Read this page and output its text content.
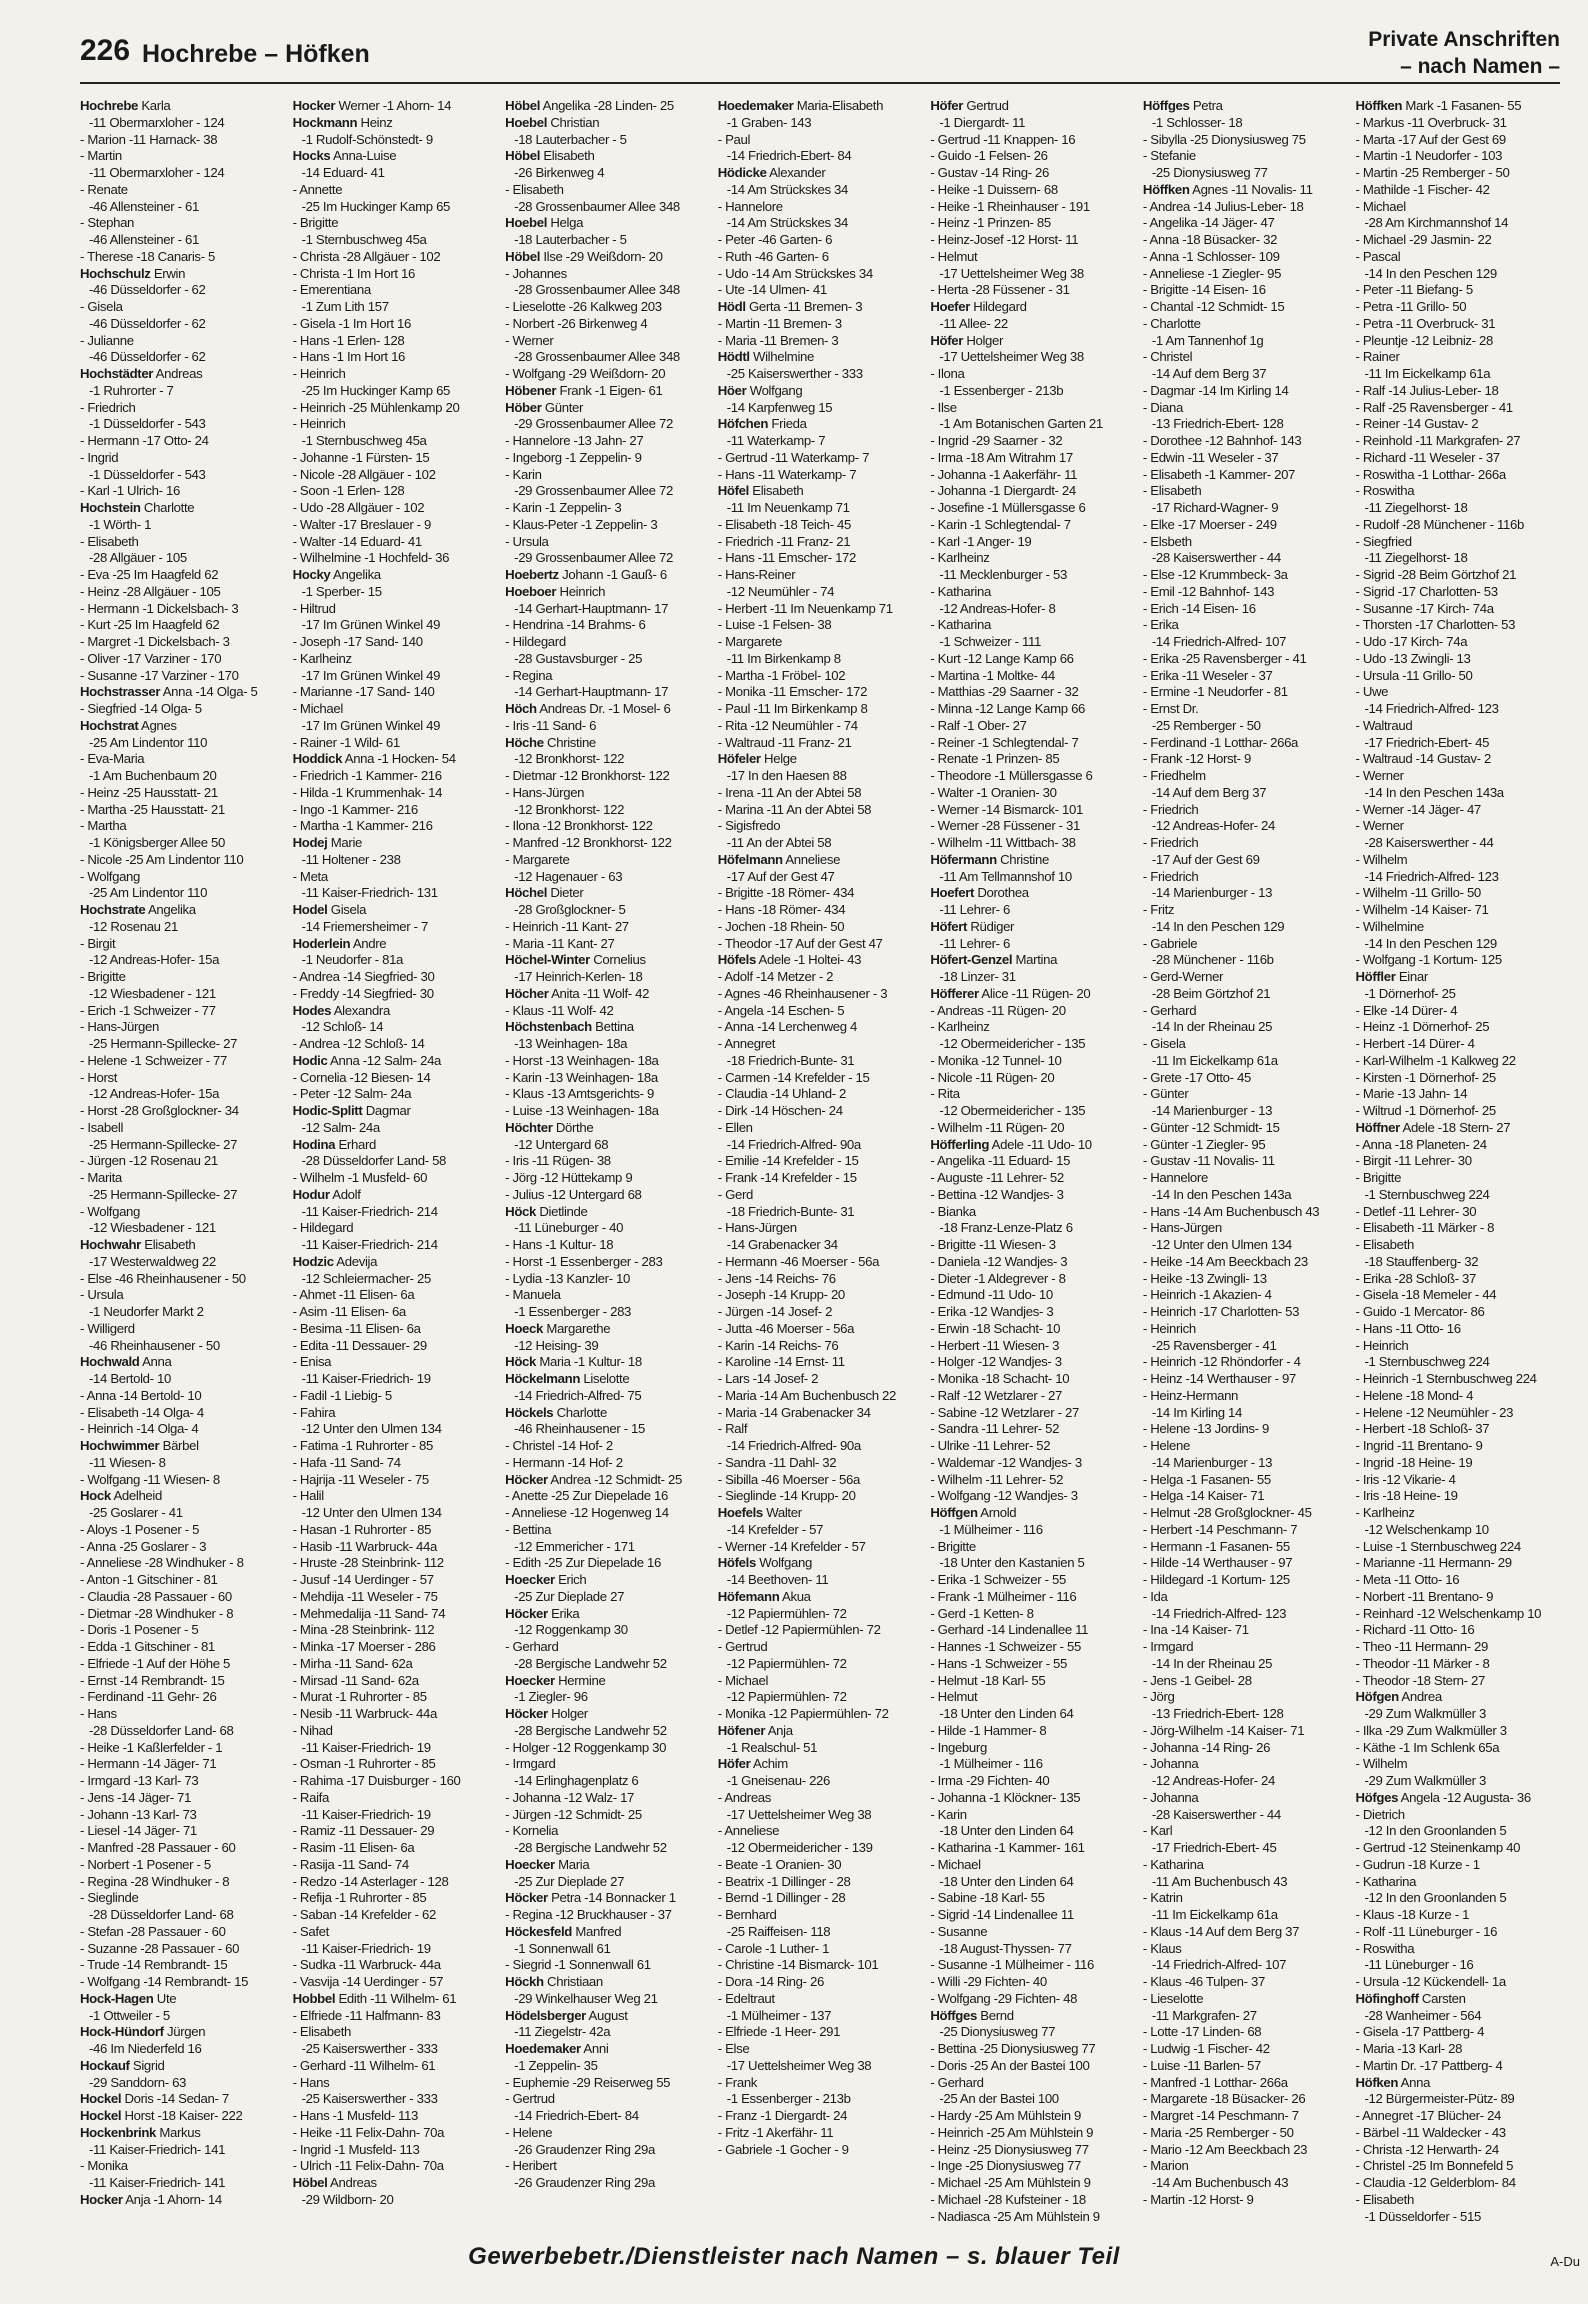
226 Hochrebe – Höfken
Private Anschriften
– nach Namen –
Hochrebe Karla
-11 Obermarxloher - 124
- Marion -11 Harnack- 38
- Martin
-11 Obermarxloher - 124
- Renate
-46 Allensteiner - 61
- Stephan
-46 Allensteiner - 61
- Therese -18 Canaris- 5
Hochschulz Erwin
-46 Düsseldorfer - 62
- Gisela
-46 Düsseldorfer - 62
- Julianne
-46 Düsseldorfer - 62
Hochstädter Andreas
-1 Ruhrorter - 7
- Friedrich
-1 Düsseldorfer - 543
- Hermann -17 Otto- 24
- Ingrid
-1 Düsseldorfer - 543
- Karl -1 Ulrich- 16
Hochstein Charlotte
-1 Wörth- 1
- Elisabeth
-28 Allgäuer - 105
- Eva -25 Im Haagfeld 62
- Heinz -28 Allgäuer - 105
- Hermann -1 Dickelsbach- 3
- Kurt -25 Im Haagfeld 62
- Margret -1 Dickelsbach- 3
- Oliver -17 Varziner - 170
- Susanne -17 Varziner - 170
Hochstrasser Anna -14 Olga- 5
- Siegfried -14 Olga- 5
Hochstrat Agnes
-25 Am Lindentor 110
- Eva-Maria
-1 Am Buchenbaum 20
- Heinz -25 Hausstatt- 21
- Martha -25 Hausstatt- 21
- Martha
-1 Königsberger Allee 50
- Nicole -25 Am Lindentor 110
- Wolfgang
-25 Am Lindentor 110
Hochstrate Angelika
-12 Rosenau 21
- Birgit
-12 Andreas-Hofer- 15a
- Brigitte
-12 Wiesbadener - 121
- Erich -1 Schweizer - 77
- Hans-Jürgen
-25 Hermann-Spillecke- 27
- Helene -1 Schweizer - 77
- Horst
-12 Andreas-Hofer- 15a
- Horst -28 Großglockner- 34
- Isabell
-25 Hermann-Spillecke- 27
- Jürgen -12 Rosenau 21
- Marita
-25 Hermann-Spillecke- 27
- Wolfgang
-12 Wiesbadener - 121
Hochwahr Elisabeth
-17 Westerwaldweg 22
- Else -46 Rheinhausener - 50
- Ursula
-1 Neudorfer Markt 2
- Willigerd
-46 Rheinhausener - 50
Hochwald Anna
-14 Bertold- 10
- Anna -14 Bertold- 10
- Elisabeth -14 Olga- 4
- Heinrich -14 Olga- 4
Hochwimmer Bärbel
-11 Wiesen- 8
- Wolfgang -11 Wiesen- 8
Hock Adelheid
-25 Goslarer - 41
- Aloys -1 Posener - 5
- Anna -25 Goslarer - 3
- Anneliese -28 Windhuker - 8
- Anton -1 Gitschiner - 81
- Claudia -28 Passauer - 60
- Dietmar -28 Windhuker - 8
- Doris -1 Posener - 5
- Edda -1 Gitschiner - 81
- Elfriede -1 Auf der Höhe 5
- Ernst -14 Rembrandt- 15
- Ferdinand -11 Gehr- 26
- Hans
-28 Düsseldorfer Land- 68
- Heike -1 Kaßlerfelder - 1
- Hermann -14 Jäger- 71
- Irmgard -13 Karl- 73
- Jens -14 Jäger- 71
- Johann -13 Karl- 73
- Liesel -14 Jäger- 71
- Manfred -28 Passauer - 60
- Norbert -1 Posener - 5
- Regina -28 Windhuker - 8
- Sieglinde
-28 Düsseldorfer Land- 68
- Stefan -28 Passauer - 60
- Suzanne -28 Passauer - 60
- Trude -14 Rembrandt- 15
- Wolfgang -14 Rembrandt- 15
Hock-Hagen Ute
-1 Ottweiler - 5
Hock-Hündorf Jürgen
-46 Im Niederfeld 16
Hockauf Sigrid
-29 Sanddorn- 63
Hockel Doris -14 Sedan- 7
Hockel Horst -18 Kaiser- 222
Hockenbrink Markus
-11 Kaiser-Friedrich- 141
- Monika
-11 Kaiser-Friedrich- 141
Hocker Anja -1 Ahorn- 14
Hocker Werner -1 Ahorn- 14
Hockmann Heinz
-1 Rudolf-Schönstedt- 9
Hocks Anna-Luise
-14 Eduard- 41
- Annette
-25 Im Huckinger Kamp 65
- Brigitte
-1 Sternbuschweg 45a
- Christa -28 Allgäuer - 102
- Christa -1 Im Hort 16
- Emerentiana
-1 Zum Lith 157
- Gisela -1 Im Hort 16
- Hans -1 Erlen- 128
- Hans -1 Im Hort 16
- Heinrich
-25 Im Huckinger Kamp 65
- Heinrich -25 Mühlenkamp 20
- Heinrich
-1 Sternbuschweg 45a
- Johanne -1 Fürsten- 15
- Nicole -28 Allgäuer - 102
- Soon -1 Erlen- 128
- Udo -28 Allgäuer - 102
- Walter -17 Breslauer - 9
- Walter -14 Eduard- 41
- Wilhelmine -1 Hochfeld- 36
Hocky Angelika
-1 Sperber- 15
- Hiltrud
-17 Im Grünen Winkel 49
- Joseph -17 Sand- 140
- Karlheinz
-17 Im Grünen Winkel 49
- Marianne -17 Sand- 140
- Michael
-17 Im Grünen Winkel 49
- Rainer -1 Wild- 61
Hoddick Anna -1 Hocken- 54
- Friedrich -1 Kammer- 216
- Hilda -1 Krummenhak- 14
- Ingo -1 Kammer- 216
- Martha -1 Kammer- 216
Hodej Marie
-11 Holtener - 238
- Meta
-11 Kaiser-Friedrich- 131
Hodel Gisela
-14 Friemersheimer - 7
Hoderlein Andre
-1 Neudorfer - 81a
- Andrea -14 Siegfried- 30
- Freddy -14 Siegfried- 30
Hodes Alexandra
-12 Schloß- 14
- Andrea -12 Schloß- 14
Hodic Anna -12 Salm- 24a
- Cornelia -12 Biesen- 14
- Peter -12 Salm- 24a
Hodic-Splitt Dagmar
-12 Salm- 24a
Hodina Erhard
-28 Düsseldorfer Land- 58
- Wilhelm -1 Musfeld- 60
Hodur Adolf
-11 Kaiser-Friedrich- 214
- Hildegard
-11 Kaiser-Friedrich- 214
Hodzic Adevija
-12 Schleiermacher- 25
- Ahmet -11 Elisen- 6a
- Asim -11 Elisen- 6a
- Besima -11 Elisen- 6a
- Edita -11 Dessauer- 29
- Enisa
-11 Kaiser-Friedrich- 19
- Fadil -1 Liebig- 5
- Fahira
-12 Unter den Ulmen 134
- Fatima -1 Ruhrorter - 85
- Hafa -11 Sand- 74
- Hajrija -11 Weseler - 75
- Halil
-12 Unter den Ulmen 134
- Hasan -1 Ruhrorter - 85
- Hasib -11 Warbruck- 44a
- Hruste -28 Steinbrink- 112
- Jusuf -14 Uerdinger - 57
- Mehdija -11 Weseler - 75
- Mehmedalija -11 Sand- 74
- Mina -28 Steinbrink- 112
- Minka -17 Moerser - 286
- Mirha -11 Sand- 62a
- Mirsad -11 Sand- 62a
- Murat -1 Ruhrorter - 85
- Nesib -11 Warbruck- 44a
- Nihad
-11 Kaiser-Friedrich- 19
- Osman -1 Ruhrorter - 85
- Rahima -17 Duisburger - 160
- Raifa
-11 Kaiser-Friedrich- 19
- Ramiz -11 Dessauer- 29
- Rasim -11 Elisen- 6a
- Rasija -11 Sand- 74
- Redzo -14 Asterlager - 128
- Refija -1 Ruhrorter - 85
- Saban -14 Krefelder - 62
- Safet
-11 Kaiser-Friedrich- 19
- Sudka -11 Warbruck- 44a
- Vasvija -14 Uerdinger - 57
Hobbel Edith -11 Wilhelm- 61
- Elfriede -11 Halfmann- 83
- Elisabeth
-25 Kaiserswerther - 333
- Gerhard -11 Wilhelm- 61
- Hans
-25 Kaiserswerther - 333
- Hans -1 Musfeld- 113
- Heike -11 Felix-Dahn- 70a
- Ingrid -1 Musfeld- 113
- Ulrich -11 Felix-Dahn- 70a
Höbel Andreas
-29 Wildborn- 20
Höbel Angelika -28 Linden- 25
Hoebel Christian
-18 Lauterbacher - 5
Höbel Elisabeth
-26 Birkenweg 4
- Elisabeth
-28 Grossenbaumer Allee 348
Hoebel Helga
-18 Lauterbacher - 5
Höbel Ilse -29 Weißdorn- 20
- Johannes
-28 Grossenbaumer Allee 348
- Lieselotte -26 Kalkweg 203
- Norbert -26 Birkenweg 4
- Werner
-28 Grossenbaumer Allee 348
- Wolfgang -29 Weißdorn- 20
Höbener Frank -1 Eigen- 61
Höber Günter
-29 Grossenbaumer Allee 72
- Hannelore -13 Jahn- 27
- Ingeborg -1 Zeppelin- 9
- Karin
-29 Grossenbaumer Allee 72
- Karin -1 Zeppelin- 3
- Klaus-Peter -1 Zeppelin- 3
- Ursula
-29 Grossenbaumer Allee 72
Hoebertz Johann -1 Gauß- 6
Hoeboer Heinrich
-14 Gerhart-Hauptmann- 17
- Hendrina -14 Brahms- 6
- Hildegard
-28 Gustavsburger - 25
- Regina
-14 Gerhart-Hauptmann- 17
Höch Andreas Dr. -1 Mosel- 6
- Iris -11 Sand- 6
Höche Christine
-12 Bronkhorst- 122
- Dietmar -12 Bronkhorst- 122
- Hans-Jürgen
-12 Bronkhorst- 122
- Ilona -12 Bronkhorst- 122
- Manfred -12 Bronkhorst- 122
- Margarete
-12 Hagenauer - 63
Höchel Dieter
-28 Großglockner- 5
- Heinrich -11 Kant- 27
- Maria -11 Kant- 27
Höchel-Winter Cornelius
-17 Heinrich-Kerlen- 18
Höcher Anita -11 Wolf- 42
- Klaus -11 Wolf- 42
Höchstenbach Bettina
-13 Weinhagen- 18a
- Horst -13 Weinhagen- 18a
- Karin -13 Weinhagen- 18a
- Klaus -13 Amtsgerichts- 9
- Luise -13 Weinhagen- 18a
Höchter Dörthe
-12 Untergard 68
- Iris -11 Rügen- 38
- Jörg -12 Hüttekamp 9
- Julius -12 Untergard 68
Höck Dietlinde
-11 Lüneburger - 40
- Hans -1 Kultur- 18
- Horst -1 Essenberger - 283
- Lydia -13 Kanzler- 10
- Manuela
-1 Essenberger - 283
Hoeck Margarethe
-12 Heising- 39
Höck Maria -1 Kultur- 18
Höckelmann Liselotte
-14 Friedrich-Alfred- 75
Höckels Charlotte
-46 Rheinhausener - 15
- Christel -14 Hof- 2
- Hermann -14 Hof- 2
Höcker Andrea -12 Schmidt- 25
- Anette -25 Zur Diepelade 16
- Anneliese -12 Hogenweg 14
- Bettina
-12 Emmericher - 171
- Edith -25 Zur Diepelade 16
Hoecker Erich
-25 Zur Dieplade 27
Höcker Erika
-12 Roggenkamp 30
- Gerhard
-28 Bergische Landwehr 52
Hoecker Hermine
-1 Ziegler- 96
Höcker Holger
-28 Bergische Landwehr 52
- Holger -12 Roggenkamp 30
- Irmgard
-14 Erlinghagenplatz 6
- Johanna -12 Walz- 17
- Jürgen -12 Schmidt- 25
- Kornelia
-28 Bergische Landwehr 52
Hoecker Maria
-25 Zur Dieplade 27
Höcker Petra -14 Bonnacker 1
- Regina -12 Bruckhauser - 37
Höckesfeld Manfred
-1 Sonnenwall 61
- Siegrid -1 Sonnenwall 61
Höckh Christiaan
-29 Winkelhauser Weg 21
Hödelsberger August
-11 Ziegelstr- 42a
Hoedemaker Anni
-1 Zeppelin- 35
- Euphemie -29 Reiserweg 55
- Gertrud
-14 Friedrich-Ebert- 84
- Helene
-26 Graudenzer Ring 29a
- Heribert
-26 Graudenzer Ring 29a
Hoedemaker Maria-Elisabeth
-1 Graben- 143
- Paul
-14 Friedrich-Ebert- 84
Hödicke Alexander
-14 Am Strückskes 34
- Hannelore
-14 Am Strückskes 34
- Peter -46 Garten- 6
- Ruth -46 Garten- 6
- Udo -14 Am Strückskes 34
- Ute -14 Ulmen- 41
Hödl Gerta -11 Bremen- 3
- Martin -11 Bremen- 3
- Maria -11 Bremen- 3
Hödtl Wilhelmine
-25 Kaiserswerther - 333
Höer Wolfgang
-14 Karpfenweg 15
Höfchen Frieda
-11 Waterkamp- 7
- Gertrud -11 Waterkamp- 7
- Hans -11 Waterkamp- 7
Höfel Elisabeth
-11 Im Neuenkamp 71
- Elisabeth -18 Teich- 45
- Friedrich -11 Franz- 21
- Hans -11 Emscher- 172
- Hans-Reiner
-12 Neumühler - 74
- Herbert -11 Im Neuenkamp 71
- Luise -1 Felsen- 38
- Margarete
-11 Im Birkenkamp 8
- Martha -1 Fröbel- 102
- Monika -11 Emscher- 172
- Paul -11 Im Birkenkamp 8
- Rita -12 Neumühler - 74
- Waltraud -11 Franz- 21
Höfeler Helge
-17 In den Haesen 88
- Irena -11 An der Abtei 58
- Marina -11 An der Abtei 58
- Sigisfredo
-11 An der Abtei 58
Höfelmann Anneliese
-17 Auf der Gest 47
- Brigitte -18 Römer- 434
- Hans -18 Römer- 434
- Jochen -18 Rhein- 50
- Theodor -17 Auf der Gest 47
Höfels Adele -1 Holtei- 43
- Adolf -14 Metzer - 2
- Agnes -46 Rheinhausener - 3
- Angela -14 Eschen- 5
- Anna -14 Lerchenweg 4
- Annegret
-18 Friedrich-Bunte- 31
- Carmen -14 Krefelder - 15
- Claudia -14 Uhland- 2
- Dirk -14 Höschen- 24
- Ellen
-14 Friedrich-Alfred- 90a
- Emilie -14 Krefelder - 15
- Frank -14 Krefelder - 15
- Gerd
-18 Friedrich-Bunte- 31
- Hans-Jürgen
-14 Grabenacker 34
- Hermann -46 Moerser - 56a
- Jens -14 Reichs- 76
- Joseph -14 Krupp- 20
- Jürgen -14 Josef- 2
- Jutta -46 Moerser - 56a
- Karin -14 Reichs- 76
- Karoline -14 Ernst- 11
- Lars -14 Josef- 2
- Maria -14 Am Buchenbusch 22
- Maria -14 Grabenacker 34
- Ralf
-14 Friedrich-Alfred- 90a
- Sandra -11 Dahl- 32
- Sibilla -46 Moerser - 56a
- Sieglinde -14 Krupp- 20
Hoefels Walter
-14 Krefelder - 57
- Werner -14 Krefelder - 57
Höfels Wolfgang
-14 Beethoven- 11
Höfemann Akua
-12 Papiermühlen- 72
- Detlef -12 Papiermühlen- 72
- Gertrud
-12 Papiermühlen- 72
- Michael
-12 Papiermühlen- 72
- Monika -12 Papiermühlen- 72
Höfener Anja
-1 Realschul- 51
Höfer Achim
-1 Gneisenau- 226
- Andreas
-17 Uettelsheimer Weg 38
- Anneliese
-12 Obermeidericher - 139
- Beate -1 Oranien- 30
- Beatrix -1 Dillinger - 28
- Bernd -1 Dillinger - 28
- Bernhard
-25 Raiffeisen- 118
- Carole -1 Luther- 1
- Christine -14 Bismarck- 101
- Dora -14 Ring- 26
- Edeltraut
-1 Mülheimer - 137
- Elfriede -1 Heer- 291
- Else
-17 Uettelsheimer Weg 38
- Frank
-1 Essenberger - 213b
- Franz -1 Diergardt- 24
- Fritz -1 Akerfähr- 11
- Gabriele -1 Gocher - 9
Höfer Gertrud
-1 Diergardt- 11
- Gertrud -11 Knappen- 16
- Guido -1 Felsen- 26
- Gustav -14 Ring- 26
- Heike -1 Duissern- 68
- Heike -1 Rheinhauser - 191
- Heinz -1 Prinzen- 85
- Heinz-Josef -12 Horst- 11
- Helmut
-17 Uettelsheimer Weg 38
- Herta -28 Füssener - 31
Hoefer Hildegard
-11 Allee- 22
Höfer Holger
-17 Uettelsheimer Weg 38
- Ilona
-1 Essenberger - 213b
- Ilse
-1 Am Botanischen Garten 21
- Ingrid -29 Saarner - 32
- Irma -18 Am Witrahm 17
- Johanna -1 Aakerfähr- 11
- Johanna -1 Diergardt- 24
- Josefine -1 Müllersgasse 6
- Karin -1 Schlegtendal- 7
- Karl -1 Anger- 19
- Karlheinz
-11 Mecklenburger - 53
- Katharina
-12 Andreas-Hofer- 8
- Katharina
-1 Schweizer - 111
- Kurt -12 Lange Kamp 66
- Martina -1 Moltke- 44
- Matthias -29 Saarner - 32
- Minna -12 Lange Kamp 66
- Ralf -1 Ober- 27
- Reiner -1 Schlegtendal- 7
- Renate -1 Prinzen- 85
- Theodore -1 Müllersgasse 6
- Walter -1 Oranien- 30
- Werner -14 Bismarck- 101
- Werner -28 Füssener - 31
- Wilhelm -11 Wittbach- 38
Höfermann Christine
-11 Am Tellmannshof 10
Hoefert Dorothea
-11 Lehrer- 6
Höfert Rüdiger
-11 Lehrer- 6
Höfert-Genzel Martina
-18 Linzer- 31
Höfferer Alice -11 Rügen- 20
- Andreas -11 Rügen- 20
- Karlheinz
-12 Obermeidericher - 135
- Monika -12 Tunnel- 10
- Nicole -11 Rügen- 20
- Rita
-12 Obermeidericher - 135
- Wilhelm -11 Rügen- 20
Höfferling Adele -11 Udo- 10
- Angelika -11 Eduard- 15
- Auguste -11 Lehrer- 52
- Bettina -12 Wandjes- 3
- Bianka
-18 Franz-Lenze-Platz 6
- Brigitte -11 Wiesen- 3
- Daniela -12 Wandjes- 3
- Dieter -1 Aldegrever - 8
- Edmund -11 Udo- 10
- Erika -12 Wandjes- 3
- Erwin -18 Schacht- 10
- Herbert -11 Wiesen- 3
- Holger -12 Wandjes- 3
- Monika -18 Schacht- 10
- Ralf -12 Wetzlarer - 27
- Sabine -12 Wetzlarer - 27
- Sandra -11 Lehrer- 52
- Ulrike -11 Lehrer- 52
- Waldemar -12 Wandjes- 3
- Wilhelm -11 Lehrer- 52
- Wolfgang -12 Wandjes- 3
Höffgen Arnold
-1 Mülheimer - 116
- Brigitte
-18 Unter den Kastanien 5
- Erika -1 Schweizer - 55
- Frank -1 Mülheimer - 116
- Gerd -1 Ketten- 8
- Gerhard -14 Lindenallee 11
- Hannes -1 Schweizer - 55
- Hans -1 Schweizer - 55
- Helmut -18 Karl- 55
- Helmut
-18 Unter den Linden 64
- Hilde -1 Hammer- 8
- Ingeburg
-1 Mülheimer - 116
- Irma -29 Fichten- 40
- Johanna -1 Klöckner- 135
- Karin
-18 Unter den Linden 64
- Katharina -1 Kammer- 161
- Michael
-18 Unter den Linden 64
- Sabine -18 Karl- 55
- Sigrid -14 Lindenallee 11
- Susanne
-18 August-Thyssen- 77
- Susanne -1 Mülheimer - 116
- Willi -29 Fichten- 40
- Wolfgang -29 Fichten- 48
Höffges Bernd
-25 Dionysiusweg 77
- Bettina -25 Dionysiusweg 77
- Doris -25 An der Bastei 100
- Gerhard
-25 An der Bastei 100
- Hardy -25 Am Mühlstein 9
- Heinrich -25 Am Mühlstein 9
- Heinz -25 Dionysiusweg 77
- Inge -25 Dionysiusweg 77
- Michael -25 Am Mühlstein 9
- Michael -28 Kufsteiner - 18
- Nadiasca -25 Am Mühlstein 9
Höffges Petra
-1 Schlosser- 18
- Sibylla -25 Dionysiusweg 75
- Stefanie
-25 Dionysiusweg 77
Höffken Agnes -11 Novalis- 11
- Andrea -14 Julius-Leber- 18
- Angelika -14 Jäger- 47
- Anna -18 Büsacker- 32
- Anna -1 Schlosser- 109
- Anneliese -1 Ziegler- 95
- Brigitte -14 Eisen- 16
- Chantal -12 Schmidt- 15
- Charlotte
-1 Am Tannenhof 1g
- Christel
-14 Auf dem Berg 37
- Dagmar -14 Im Kirling 14
- Diana
-13 Friedrich-Ebert- 128
- Dorothee -12 Bahnhof- 143
- Edwin -11 Weseler - 37
- Elisabeth -1 Kammer- 207
- Elisabeth
-17 Richard-Wagner- 9
- Elke -17 Moerser - 249
- Elsbeth
-28 Kaiserswerther - 44
- Else -12 Krummbeck- 3a
- Emil -12 Bahnhof- 143
- Erich -14 Eisen- 16
- Erika
-14 Friedrich-Alfred- 107
- Erika -25 Ravensberger - 41
- Erika -11 Weseler - 37
- Ermine -1 Neudorfer - 81
- Ernst Dr.
-25 Remberger - 50
- Ferdinand -1 Lotthar- 266a
- Frank -12 Horst- 9
- Friedhelm
-14 Auf dem Berg 37
- Friedrich
-12 Andreas-Hofer- 24
- Friedrich
-17 Auf der Gest 69
- Friedrich
-14 Marienburger - 13
- Fritz
-14 In den Peschen 129
- Gabriele
-28 Münchener - 116b
- Gerd-Werner
-28 Beim Görtzhof 21
- Gerhard
-14 In der Rheinau 25
- Gisela
-11 Im Eickelkamp 61a
- Grete -17 Otto- 45
- Günter
-14 Marienburger - 13
- Günter -12 Schmidt- 15
- Günter -1 Ziegler- 95
- Gustav -11 Novalis- 11
- Hannelore
-14 In den Peschen 143a
- Hans -14 Am Buchenbusch 43
- Hans-Jürgen
-12 Unter den Ulmen 134
- Heike -14 Am Beeckbach 23
- Heike -13 Zwingli- 13
- Heinrich -1 Akazien- 4
- Heinrich -17 Charlotten- 53
- Heinrich
-25 Ravensberger - 41
- Heinrich -12 Rhöndorfer - 4
- Heinz -14 Werthauser - 97
- Heinz-Hermann
-14 Im Kirling 14
- Helene -13 Jordins- 9
- Helene
-14 Marienburger - 13
- Helga -1 Fasanen- 55
- Helga -14 Kaiser- 71
- Helmut -28 Großglockner- 45
- Herbert -14 Peschmann- 7
- Hermann -1 Fasanen- 55
- Hilde -14 Werthauser - 97
- Hildegard -1 Kortum- 125
- Ida
-14 Friedrich-Alfred- 123
- Ina -14 Kaiser- 71
- Irmgard
-14 In der Rheinau 25
- Jens -1 Geibel- 28
- Jörg
-13 Friedrich-Ebert- 128
- Jörg-Wilhelm -14 Kaiser- 71
- Johanna -14 Ring- 26
- Johanna
-12 Andreas-Hofer- 24
- Johanna
-28 Kaiserswerther - 44
- Karl
-17 Friedrich-Ebert- 45
- Katharina
-11 Am Buchenbusch 43
- Katrin
-11 Im Eickelkamp 61a
- Klaus -14 Auf dem Berg 37
- Klaus
-14 Friedrich-Alfred- 107
- Klaus -46 Tulpen- 37
- Lieselotte
-11 Markgrafen- 27
- Lotte -17 Linden- 68
- Ludwig -1 Fischer- 42
- Luise -11 Barlen- 57
- Manfred -1 Lotthar- 266a
- Margarete -18 Büsacker- 26
- Margret -14 Peschmann- 7
- Maria -25 Remberger - 50
- Mario -12 Am Beeckbach 23
- Marion
-14 Am Buchenbusch 43
- Martin -12 Horst- 9
Höffken Mark -1 Fasanen- 55
- Markus -11 Overbruck- 31
- Marta -17 Auf der Gest 69
- Martin -1 Neudorfer - 103
- Martin -25 Remberger - 50
- Mathilde -1 Fischer- 42
- Michael
-28 Am Kirchmannshof 14
- Michael -29 Jasmin- 22
- Pascal
-14 In den Peschen 129
- Peter -11 Biefang- 5
- Petra -11 Grillo- 50
- Petra -11 Overbruck- 31
- Pleuntje -12 Leibniz- 28
- Rainer
-11 Im Eickelkamp 61a
- Ralf -14 Julius-Leber- 18
- Ralf -25 Ravensberger - 41
- Reiner -14 Gustav- 2
- Reinhold -11 Markgrafen- 27
- Richard -11 Weseler - 37
- Roswitha -1 Lotthar- 266a
- Roswitha
-11 Ziegelhorst- 18
- Rudolf -28 Münchener - 116b
- Siegfried
-11 Ziegelhorst- 18
- Sigrid -28 Beim Görtzhof 21
- Sigrid -17 Charlotten- 53
- Susanne -17 Kirch- 74a
- Thorsten -17 Charlotten- 53
- Udo -17 Kirch- 74a
- Udo -13 Zwingli- 13
- Ursula -11 Grillo- 50
- Uwe
-14 Friedrich-Alfred- 123
- Waltraud
-17 Friedrich-Ebert- 45
- Waltraud -14 Gustav- 2
- Werner
-14 In den Peschen 143a
- Werner -14 Jäger- 47
- Werner
-28 Kaiserswerther - 44
- Wilhelm
-14 Friedrich-Alfred- 123
- Wilhelm -11 Grillo- 50
- Wilhelm -14 Kaiser- 71
- Wilhelmine
-14 In den Peschen 129
- Wolfgang -1 Kortum- 125
Höffler Einar
-1 Dörnerhof- 25
- Elke -14 Dürer- 4
- Heinz -1 Dörnerhof- 25
- Herbert -14 Dürer- 4
- Karl-Wilhelm -1 Kalkweg 22
- Kirsten -1 Dörnerhof- 25
- Marie -13 Jahn- 14
- Wiltrud -1 Dörnerhof- 25
Höffner Adele -18 Stern- 27
- Anna -18 Planeten- 24
- Birgit -11 Lehrer- 30
- Brigitte
-1 Sternbuschweg 224
- Detlef -11 Lehrer- 30
- Elisabeth -11 Märker - 8
- Elisabeth
-18 Stauffenberg- 32
- Erika -28 Schloß- 37
- Gisela -18 Memeler - 44
- Guido -1 Mercator- 86
- Hans -11 Otto- 16
- Heinrich
-1 Sternbuschweg 224
- Heinrich -1 Sternbuschweg 224
- Helene -18 Mond- 4
- Helene -12 Neumühler - 23
- Herbert -18 Schloß- 37
- Ingrid -11 Brentano- 9
- Ingrid -18 Heine- 19
- Iris -12 Vikarie- 4
- Iris -18 Heine- 19
- Karlheinz
-12 Welschenkamp 10
- Luise -1 Sternbuschweg 224
- Marianne -11 Hermann- 29
- Meta -11 Otto- 16
- Norbert -11 Brentano- 9
- Reinhard -12 Welschenkamp 10
- Richard -11 Otto- 16
- Theo -11 Hermann- 29
- Theodor -11 Märker - 8
- Theodor -18 Stern- 27
Höfgen Andrea
-29 Zum Walkmüller 3
- Ilka -29 Zum Walkmüller 3
- Käthe -1 Im Schlenk 65a
- Wilhelm
-29 Zum Walkmüller 3
Höfges Angela -12 Augusta- 36
- Dietrich
-12 In den Groonlanden 5
- Gertrud -12 Steinenkamp 40
- Gudrun -18 Kurze - 1
- Katharina
-12 In den Groonlanden 5
- Klaus -18 Kurze - 1
- Rolf -11 Lüneburger - 16
- Roswitha
-11 Lüneburger - 16
- Ursula -12 Kückendell- 1a
Höfinghoff Carsten
-28 Wanheimer - 564
- Gisela -17 Pattberg- 4
- Maria -13 Karl- 28
- Martin Dr. -17 Pattberg- 4
Höfken Anna
-12 Bürgermeister-Pütz- 89
- Annegret -17 Blücher- 24
- Bärbel -11 Waldecker - 43
- Christa -12 Herwarth- 24
- Christel -25 Im Bonnefeld 5
- Claudia -12 Gelderblom- 84
- Elisabeth
-1 Düsseldorfer - 515
Gewerbebetr./Dienstleister nach Namen – s. blauer Teil	A-Du
